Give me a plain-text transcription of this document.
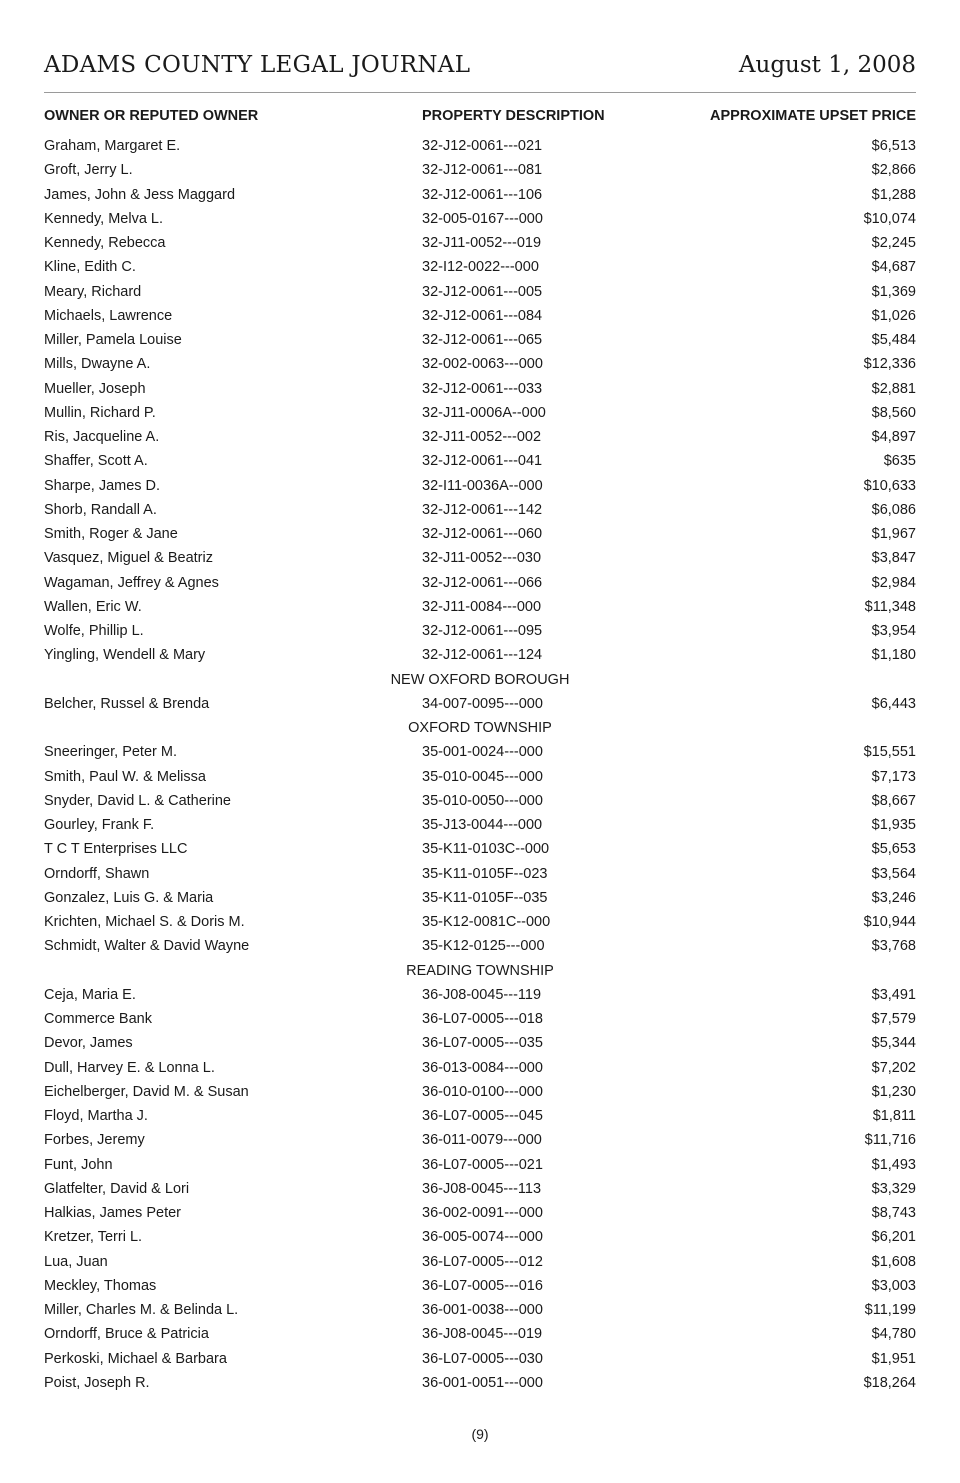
ADAMS COUNTY LEGAL JOURNAL	August 1, 2008
OWNER OR REPUTED OWNER	PROPERTY DESCRIPTION	APPROXIMATE UPSET PRICE
Graham, Margaret E.	32-J12-0061---021	$6,513
Groft, Jerry L.	32-J12-0061---081	$2,866
James, John & Jess Maggard	32-J12-0061---106	$1,288
Kennedy, Melva L.	32-005-0167---000	$10,074
Kennedy, Rebecca	32-J11-0052---019	$2,245
Kline, Edith C.	32-I12-0022---000	$4,687
Meary, Richard	32-J12-0061---005	$1,369
Michaels, Lawrence	32-J12-0061---084	$1,026
Miller, Pamela Louise	32-J12-0061---065	$5,484
Mills, Dwayne A.	32-002-0063---000	$12,336
Mueller, Joseph	32-J12-0061---033	$2,881
Mullin, Richard P.	32-J11-0006A--000	$8,560
Ris, Jacqueline A.	32-J11-0052---002	$4,897
Shaffer, Scott A.	32-J12-0061---041	$635
Sharpe, James D.	32-I11-0036A--000	$10,633
Shorb, Randall A.	32-J12-0061---142	$6,086
Smith, Roger & Jane	32-J12-0061---060	$1,967
Vasquez, Miguel & Beatriz	32-J11-0052---030	$3,847
Wagaman, Jeffrey & Agnes	32-J12-0061---066	$2,984
Wallen, Eric W.	32-J11-0084---000	$11,348
Wolfe, Phillip L.	32-J12-0061---095	$3,954
Yingling, Wendell & Mary	32-J12-0061---124	$1,180
NEW OXFORD BOROUGH
Belcher, Russel & Brenda	34-007-0095---000	$6,443
OXFORD TOWNSHIP
Sneeringer, Peter M.	35-001-0024---000	$15,551
Smith, Paul W. & Melissa	35-010-0045---000	$7,173
Snyder, David L. & Catherine	35-010-0050---000	$8,667
Gourley, Frank F.	35-J13-0044---000	$1,935
T C T Enterprises LLC	35-K11-0103C--000	$5,653
Orndorff, Shawn	35-K11-0105F--023	$3,564
Gonzalez, Luis G. & Maria	35-K11-0105F--035	$3,246
Krichten, Michael S. & Doris M.	35-K12-0081C--000	$10,944
Schmidt, Walter & David Wayne	35-K12-0125---000	$3,768
READING TOWNSHIP
Ceja, Maria E.	36-J08-0045---119	$3,491
Commerce Bank	36-L07-0005---018	$7,579
Devor, James	36-L07-0005---035	$5,344
Dull, Harvey E. & Lonna L.	36-013-0084---000	$7,202
Eichelberger, David M. & Susan	36-010-0100---000	$1,230
Floyd, Martha J.	36-L07-0005---045	$1,811
Forbes, Jeremy	36-011-0079---000	$11,716
Funt, John	36-L07-0005---021	$1,493
Glatfelter, David & Lori	36-J08-0045---113	$3,329
Halkias, James Peter	36-002-0091---000	$8,743
Kretzer, Terri L.	36-005-0074---000	$6,201
Lua, Juan	36-L07-0005---012	$1,608
Meckley, Thomas	36-L07-0005---016	$3,003
Miller, Charles M. & Belinda L.	36-001-0038---000	$11,199
Orndorff, Bruce & Patricia	36-J08-0045---019	$4,780
Perkoski, Michael & Barbara	36-L07-0005---030	$1,951
Poist, Joseph R.	36-001-0051---000	$18,264
(9)
